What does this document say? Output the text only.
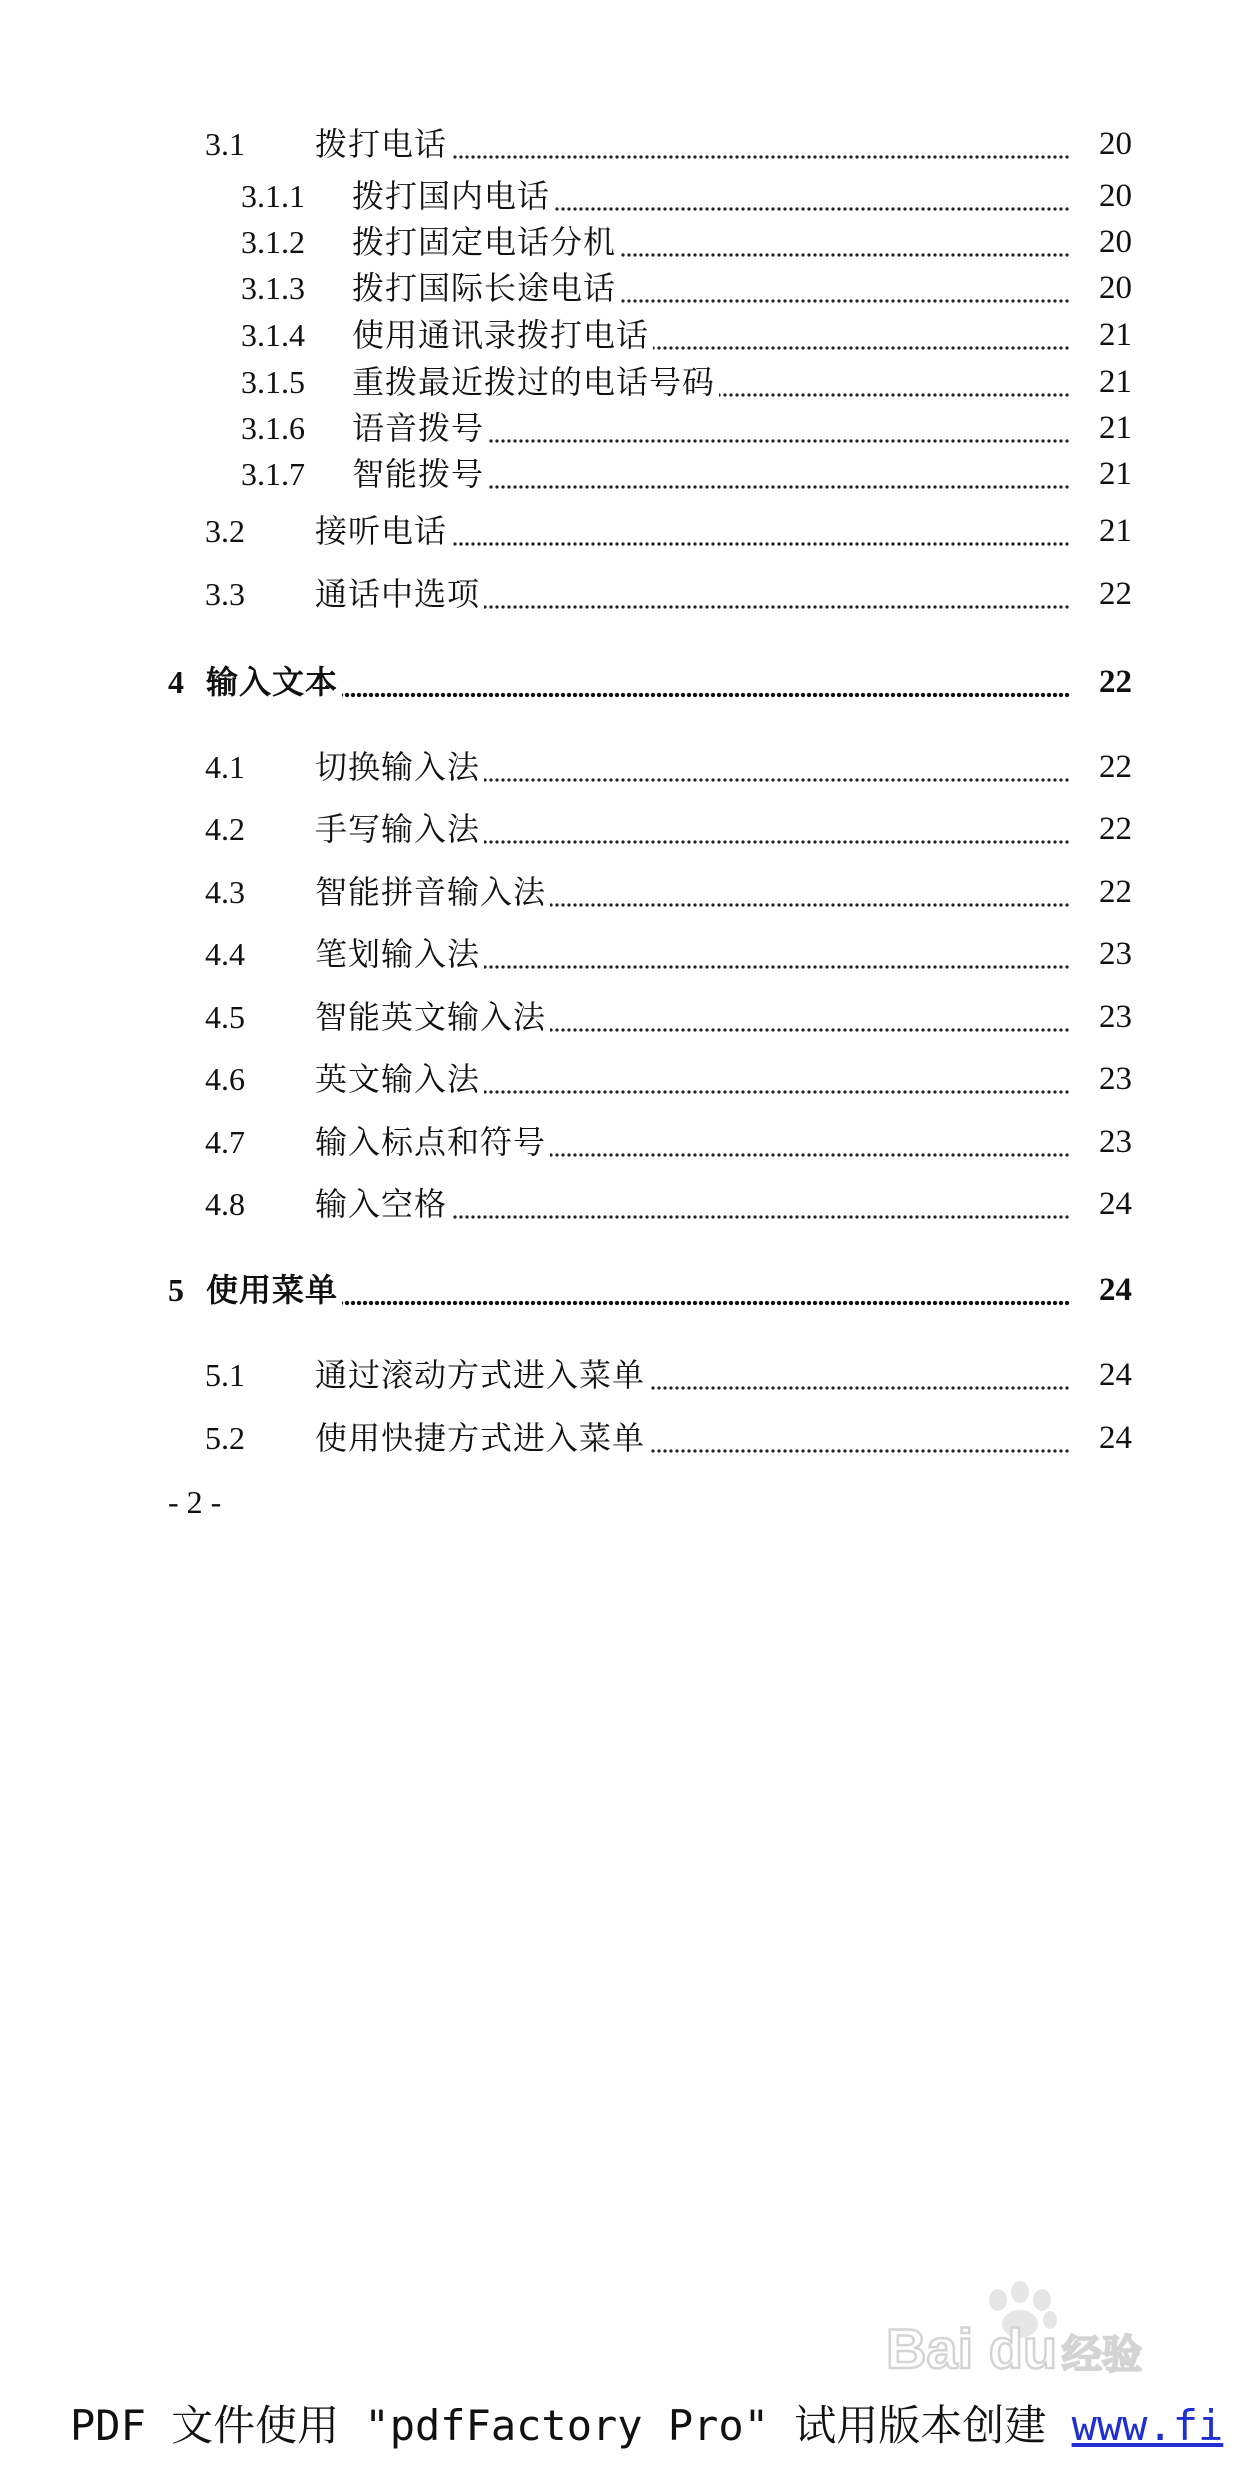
3.1 拨打电话	20
3.1.1 拨打国内电话	20
3.1.2 拨打固定电话分机	20
3.1.3 拨打国际长途电话	20
3.1.4 使用通讯录拨打电话	21
3.1.5 重拨最近拨过的电话号码	21
3.1.6 语音拨号	21
3.1.7 智能拨号	21
3.2 接听电话	21
3.3 通话中选项	22
4 输入文本	22
4.1 切换输入法	22
4.2 手写输入法	22
4.3 智能拼音输入法	22
4.4 笔划输入法	23
4.5 智能英文输入法	23
4.6 英文输入法	23
4.7 输入标点和符号	23
4.8 输入空格	24
5 使用菜单	24
5.1 通过滚动方式进入菜单	24
5.2 使用快捷方式进入菜单	24
- 2 -
Bai du 经验
PDF 文件使用 "pdfFactory Pro" 试用版本创建 www.fi
